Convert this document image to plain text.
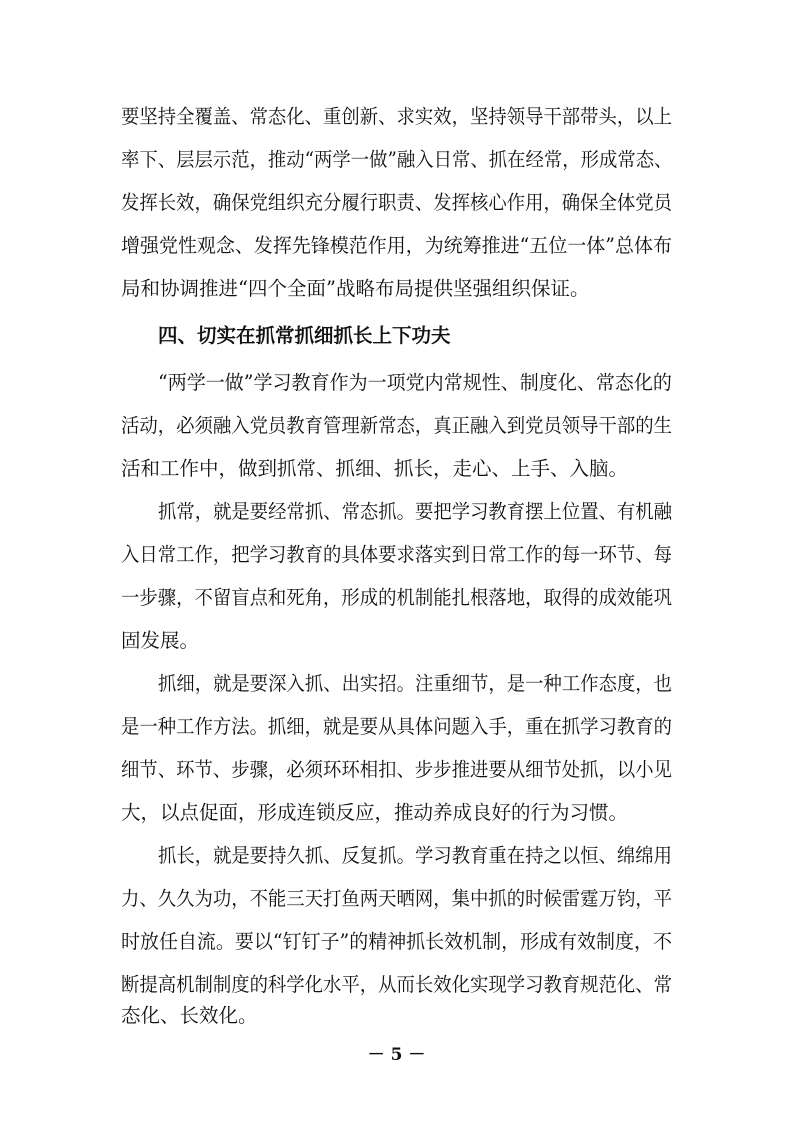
要坚持全覆盖、常态化、重创新、求实效，坚持领导干部带头，以上
率下、层层示范，推动“两学一做”融入日常、抓在经常，形成常态、
发挥长效，确保党组织充分履行职责、发挥核心作用，确保全体党员
增强党性观念、发挥先锋模范作用，为统筹推进“五位一体”总体布
局和协调推进“四个全面”战略布局提供坚强组织保证。
四、切实在抓常抓细抓长上下功夫
“两学一做”学习教育作为一项党内常规性、制度化、常态化的
活动，必须融入党员教育管理新常态，真正融入到党员领导干部的生
活和工作中，做到抓常、抓细、抓长，走心、上手、入脑。
抓常，就是要经常抓、常态抓。要把学习教育摆上位置、有机融
入日常工作，把学习教育的具体要求落实到日常工作的每一环节、每
一步骤，不留盲点和死角，形成的机制能扎根落地，取得的成效能巩
固发展。
抓细，就是要深入抓、出实招。注重细节，是一种工作态度，也
是一种工作方法。抓细，就是要从具体问题入手，重在抓学习教育的
细节、环节、步骤，必须环环相扣、步步推进要从细节处抓，以小见
大，以点促面，形成连锁反应，推动养成良好的行为习惯。
抓长，就是要持久抓、反复抓。学习教育重在持之以恒、绵绵用
力、久久为功，不能三天打鱼两天晒网，集中抓的时候雷霆万钧，平
时放任自流。要以“钉钉子”的精神抓长效机制，形成有效制度，不
断提高机制制度的科学化水平，从而长效化实现学习教育规范化、常
态化、长效化。
－ 5 －
